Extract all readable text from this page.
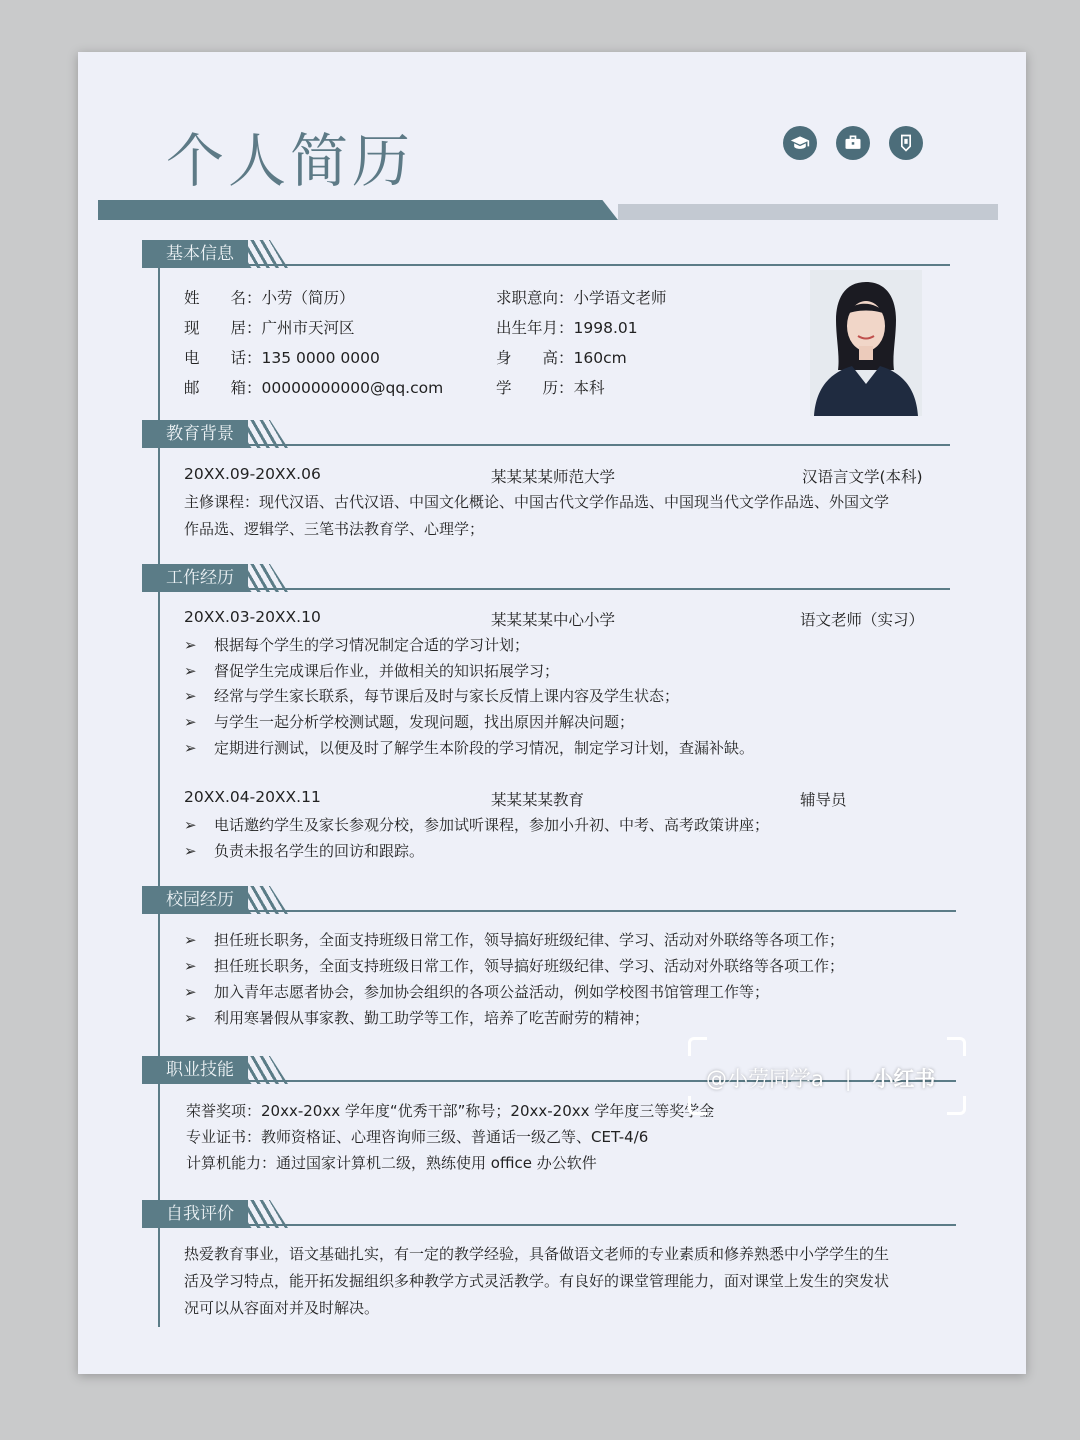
个人简历
基本信息
姓　　名：小劳（简历）
现　　居：广州市天河区
电　　话：135 0000 0000
邮　　箱：00000000000@qq.com
求职意向：小学语文老师
出生年月：1998.01
身　　高：160cm
学　　历：本科
教育背景
20XX.09-20XX.06	某某某某师范大学	汉语言文学(本科)
主修课程：现代汉语、古代汉语、中国文化概论、中国古代文学作品选、中国现当代文学作品选、外国文学
作品选、逻辑学、三笔书法教育学、心理学；
工作经历
20XX.03-20XX.10	某某某某中心小学	语文老师（实习）
➢ 根据每个学生的学习情况制定合适的学习计划；
➢ 督促学生完成课后作业，并做相关的知识拓展学习；
➢ 经常与学生家长联系，每节课后及时与家长反情上课内容及学生状态；
➢ 与学生一起分析学校测试题，发现问题，找出原因并解决问题；
➢ 定期进行测试，以便及时了解学生本阶段的学习情况，制定学习计划，查漏补缺。
20XX.04-20XX.11	某某某某教育	辅导员
➢ 电话邀约学生及家长参观分校，参加试听课程，参加小升初、中考、高考政策讲座；
➢ 负责未报名学生的回访和跟踪。
校园经历
➢ 担任班长职务，全面支持班级日常工作，领导搞好班级纪律、学习、活动对外联络等各项工作；
➢ 担任班长职务，全面支持班级日常工作，领导搞好班级纪律、学习、活动对外联络等各项工作；
➢ 加入青年志愿者协会，参加协会组织的各项公益活动，例如学校图书馆管理工作等；
➢ 利用寒暑假从事家教、勤工助学等工作，培养了吃苦耐劳的精神；
职业技能
荣誉奖项：20xx-20xx 学年度“优秀干部”称号；20xx-20xx 学年度三等奖学金
专业证书：教师资格证、心理咨询师三级、普通话一级乙等、CET-4/6
计算机能力：通过国家计算机二级，熟练使用 office 办公软件
自我评价
热爱教育事业，语文基础扎实，有一定的教学经验，具备做语文老师的专业素质和修养熟悉中小学学生的生
活及学习特点，能开拓发掘组织多种教学方式灵活教学。有良好的课堂管理能力，面对课堂上发生的突发状
况可以从容面对并及时解决。
@小劳同学a | 小红书
